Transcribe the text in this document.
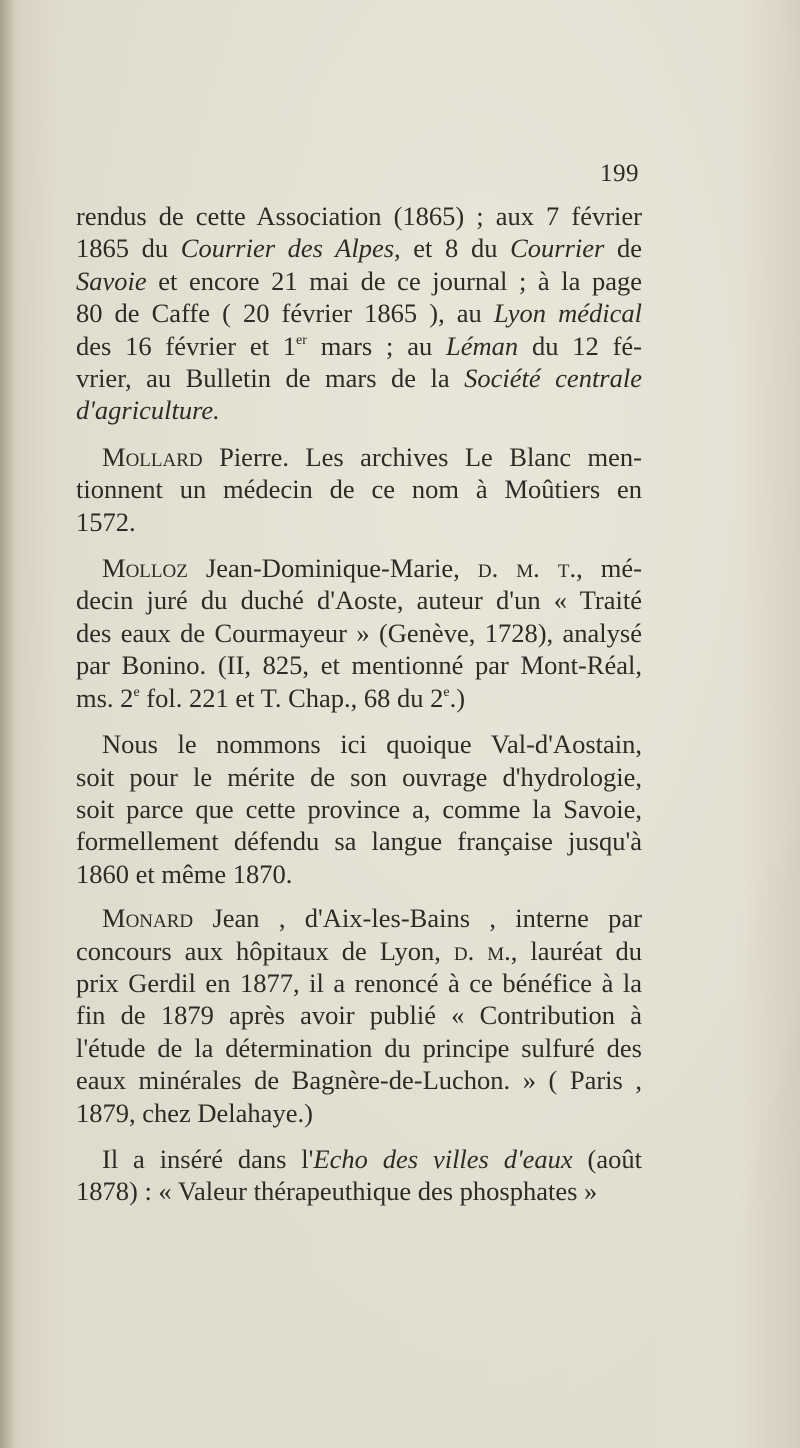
199

rendus de cette Association (1865) ; aux 7 février
1865 du Courrier des Alpes, et 8 du Courrier de
Savoie et encore 21 mai de ce journal ; à la page
80 de Caffe ( 20 février 1865 ), au Lyon médical
des 16 février et 1er mars ; au Léman du 12 fé-
vrier, au Bulletin de mars de la Société centrale
d'agriculture.

Mollard Pierre. Les archives Le Blanc men-
tionnent un médecin de ce nom à Moûtiers en
1572.

Molloz Jean-Dominique-Marie, d. m. t., mé-
decin juré du duché d'Aoste, auteur d'un « Traité
des eaux de Courmayeur » (Genève, 1728), analysé
par Bonino. (II, 825, et mentionné par Mont-Réal,
ms. 2e fol. 221 et T. Chap., 68 du 2e.)

Nous le nommons ici quoique Val-d'Aostain,
soit pour le mérite de son ouvrage d'hydrologie,
soit parce que cette province a, comme la Savoie,
formellement défendu sa langue française jusqu'à
1860 et même 1870.

Monard Jean , d'Aix-les-Bains , interne par
concours aux hôpitaux de Lyon, d. m., lauréat du
prix Gerdil en 1877, il a renoncé à ce bénéfice à la
fin de 1879 après avoir publié « Contribution à
l'étude de la détermination du principe sulfuré des
eaux minérales de Bagnère-de-Luchon. » ( Paris ,
1879, chez Delahaye.)

Il a inséré dans l'Echo des villes d'eaux (août
1878) : « Valeur thérapeuthique des phosphates »
